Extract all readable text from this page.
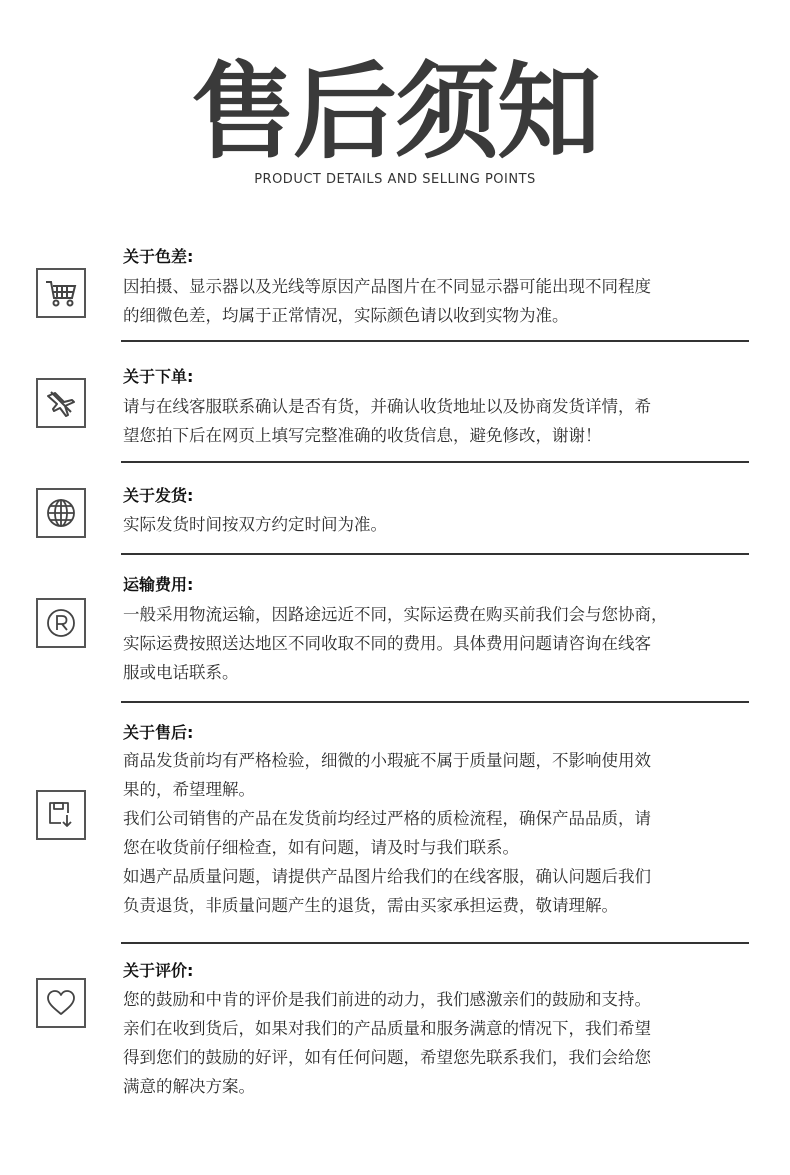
售后须知
PRODUCT DETAILS AND SELLING POINTS
关于色差:
因拍摄、显示器以及光线等原因产品图片在不同显示器可能出现不同程度
的细微色差，均属于正常情况，实际颜色请以收到实物为准。
关于下单:
请与在线客服联系确认是否有货，并确认收货地址以及协商发货详情，希
望您拍下后在网页上填写完整准确的收货信息，避免修改，谢谢！
关于发货:
实际发货时间按双方约定时间为准。
运输费用:
一般采用物流运输，因路途远近不同，实际运费在购买前我们会与您协商，
实际运费按照送达地区不同收取不同的费用。具体费用问题请咨询在线客
服或电话联系。
关于售后:
商品发货前均有严格检验，细微的小瑕疵不属于质量问题，不影响使用效
果的，希望理解。
我们公司销售的产品在发货前均经过严格的质检流程，确保产品品质，请
您在收货前仔细检查，如有问题，请及时与我们联系。
如遇产品质量问题，请提供产品图片给我们的在线客服，确认问题后我们
负责退货，非质量问题产生的退货，需由买家承担运费，敬请理解。
关于评价:
您的鼓励和中肯的评价是我们前进的动力，我们感激亲们的鼓励和支持。
亲们在收到货后，如果对我们的产品质量和服务满意的情况下，我们希望
得到您们的鼓励的好评，如有任何问题，希望您先联系我们，我们会给您
满意的解决方案。
